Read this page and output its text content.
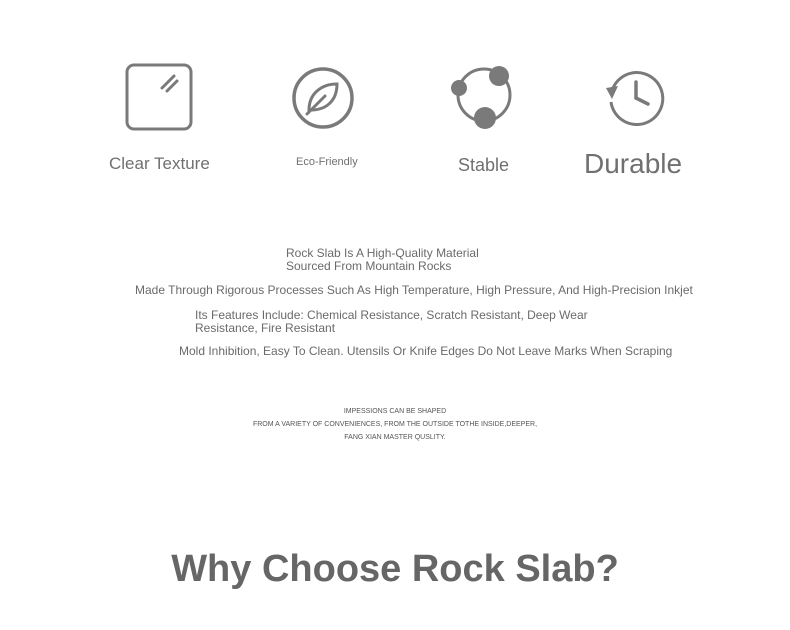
Clear Texture	Eco-Friendly	Stable	Durable
Rock Slab Is A High-Quality Material
Sourced From Mountain Rocks
Made Through Rigorous Processes Such As High Temperature, High Pressure, And High-Precision Inkjet
Its Features Include: Chemical Resistance, Scratch Resistant, Deep Wear
Resistance, Fire Resistant
Mold Inhibition, Easy To Clean. Utensils Or Knife Edges Do Not Leave Marks When Scraping
IMPESSIONS CAN BE SHAPED
FROM A VARIETY OF CONVENIENCES, FROM THE OUTSIDE TOTHE INSIDE,DEEPER,
FANG XIAN MASTER QUSLITY.
Why Choose Rock Slab?
